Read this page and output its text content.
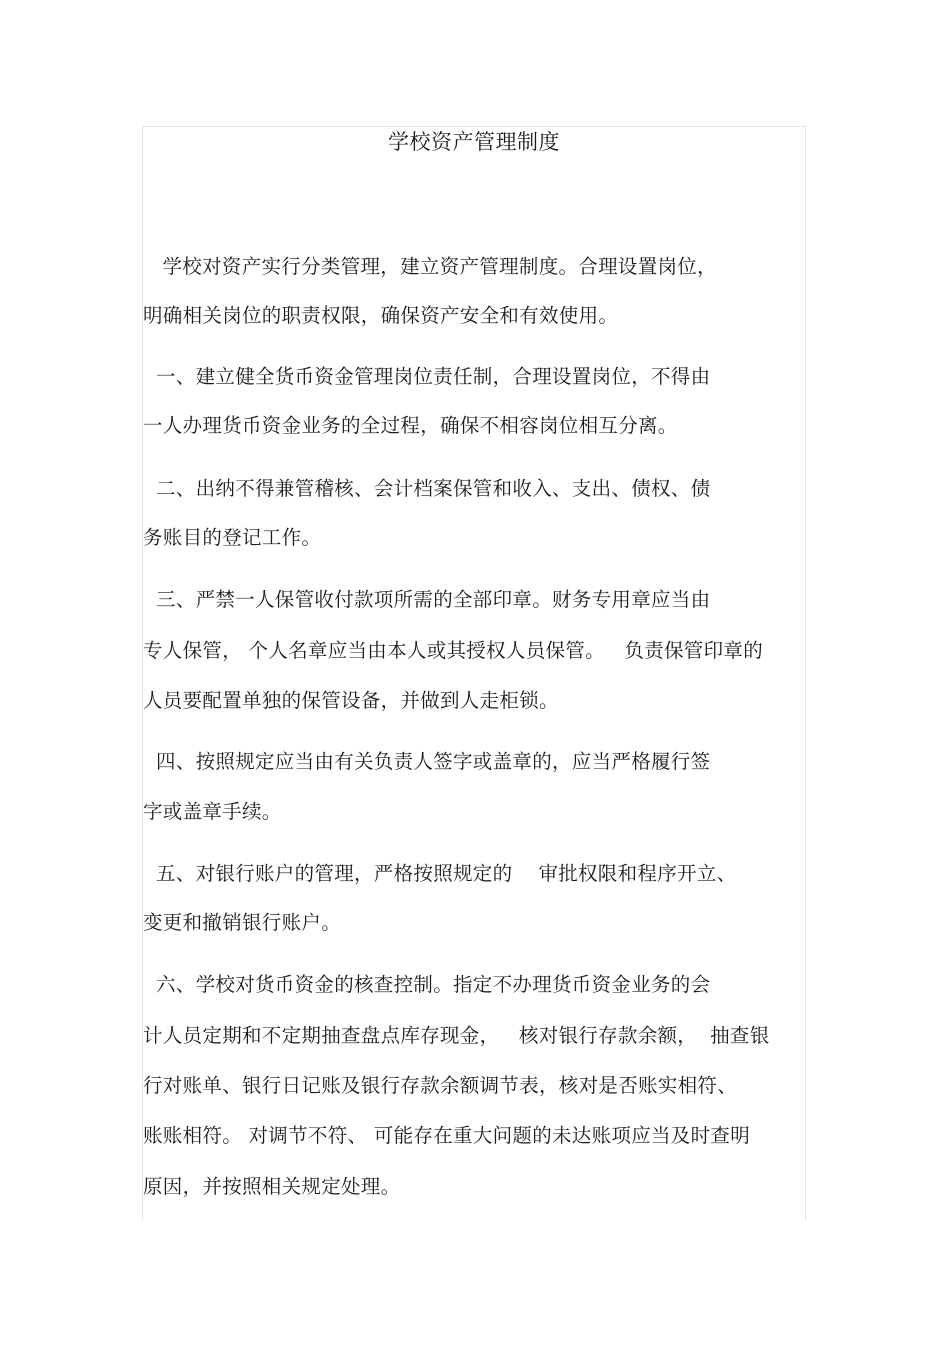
学校资产管理制度
学校对资产实行分类管理，建立资产管理制度。合理设置岗位，
明确相关岗位的职责权限，确保资产安全和有效使用。
一、建立健全货币资金管理岗位责任制，合理设置岗位，不得由
一人办理货币资金业务的全过程，确保不相容岗位相互分离。
二、出纳不得兼管稽核、会计档案保管和收入、支出、债权、债
务账目的登记工作。
三、严禁一人保管收付款项所需的全部印章。财务专用章应当由
专人保管， 个人名章应当由本人或其授权人员保管。   负责保管印章的
人员要配置单独的保管设备，并做到人走柜锁。
四、按照规定应当由有关负责人签字或盖章的，应当严格履行签
字或盖章手续。
五、对银行账户的管理，严格按照规定的    审批权限和程序开立、
变更和撤销银行账户。
六、学校对货币资金的核查控制。指定不办理货币资金业务的会
计人员定期和不定期抽查盘点库存现金，   核对银行存款余额，  抽查银
行对账单、银行日记账及银行存款余额调节表，核对是否账实相符、
账账相符。 对调节不符、 可能存在重大问题的未达账项应当及时查明
原因，并按照相关规定处理。
